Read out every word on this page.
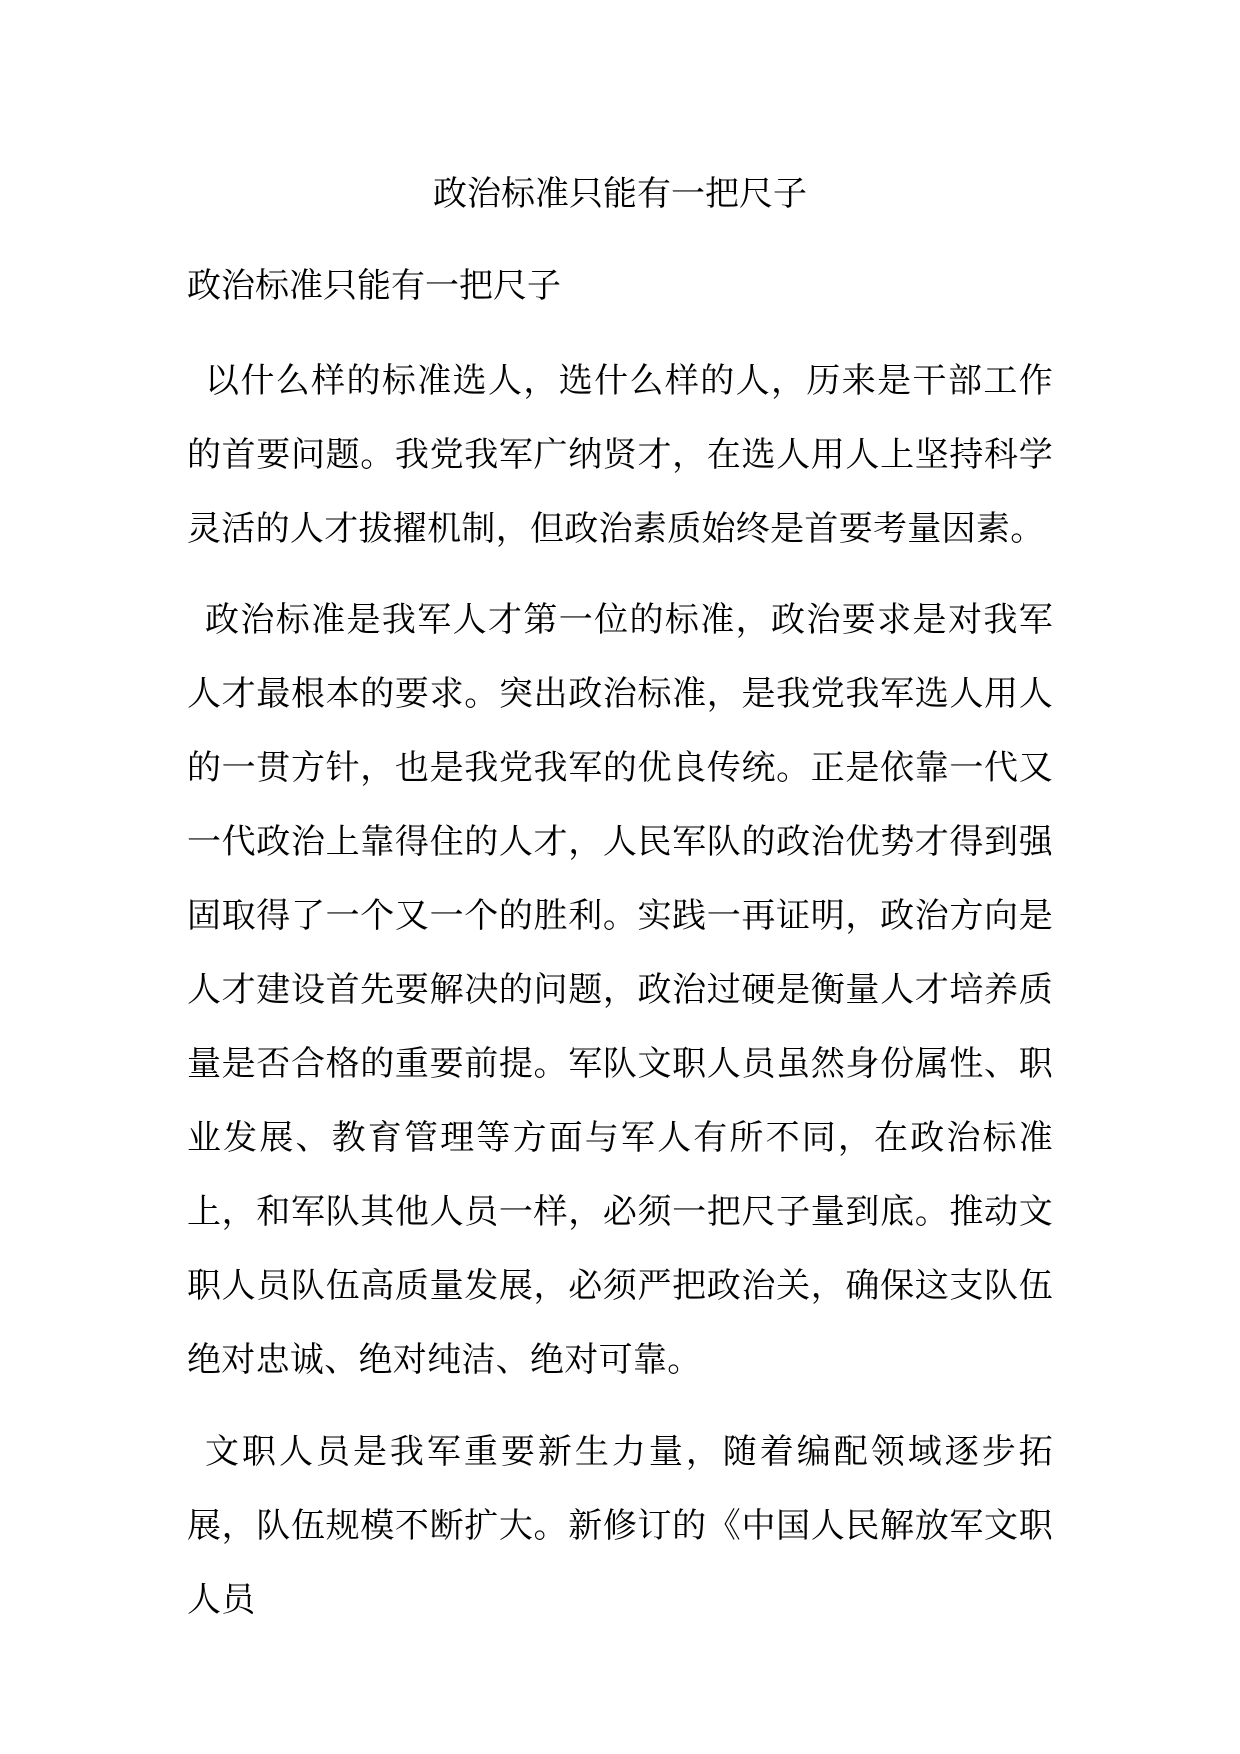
政治标准只能有一把尺子
政治标准只能有一把尺子

以什么样的标准选人，选什么样的人，历来是干部工作的首要问题。我党我军广纳贤才，在选人用人上坚持科学灵活的人才拔擢机制，但政治素质始终是首要考量因素。

政治标准是我军人才第一位的标准，政治要求是对我军人才最根本的要求。突出政治标准，是我党我军选人用人的一贯方针，也是我党我军的优良传统。正是依靠一代又一代政治上靠得住的人才，人民军队的政治优势才得到强固取得了一个又一个的胜利。实践一再证明，政治方向是人才建设首先要解决的问题，政治过硬是衡量人才培养质量是否合格的重要前提。军队文职人员虽然身份属性、职业发展、教育管理等方面与军人有所不同，在政治标准上，和军队其他人员一样，必须一把尺子量到底。推动文职人员队伍高质量发展，必须严把政治关，确保这支队伍绝对忠诚、绝对纯洁、绝对可靠。

文职人员是我军重要新生力量，随着编配领域逐步拓展，队伍规模不断扩大。新修订的《中国人民解放军文职人员
